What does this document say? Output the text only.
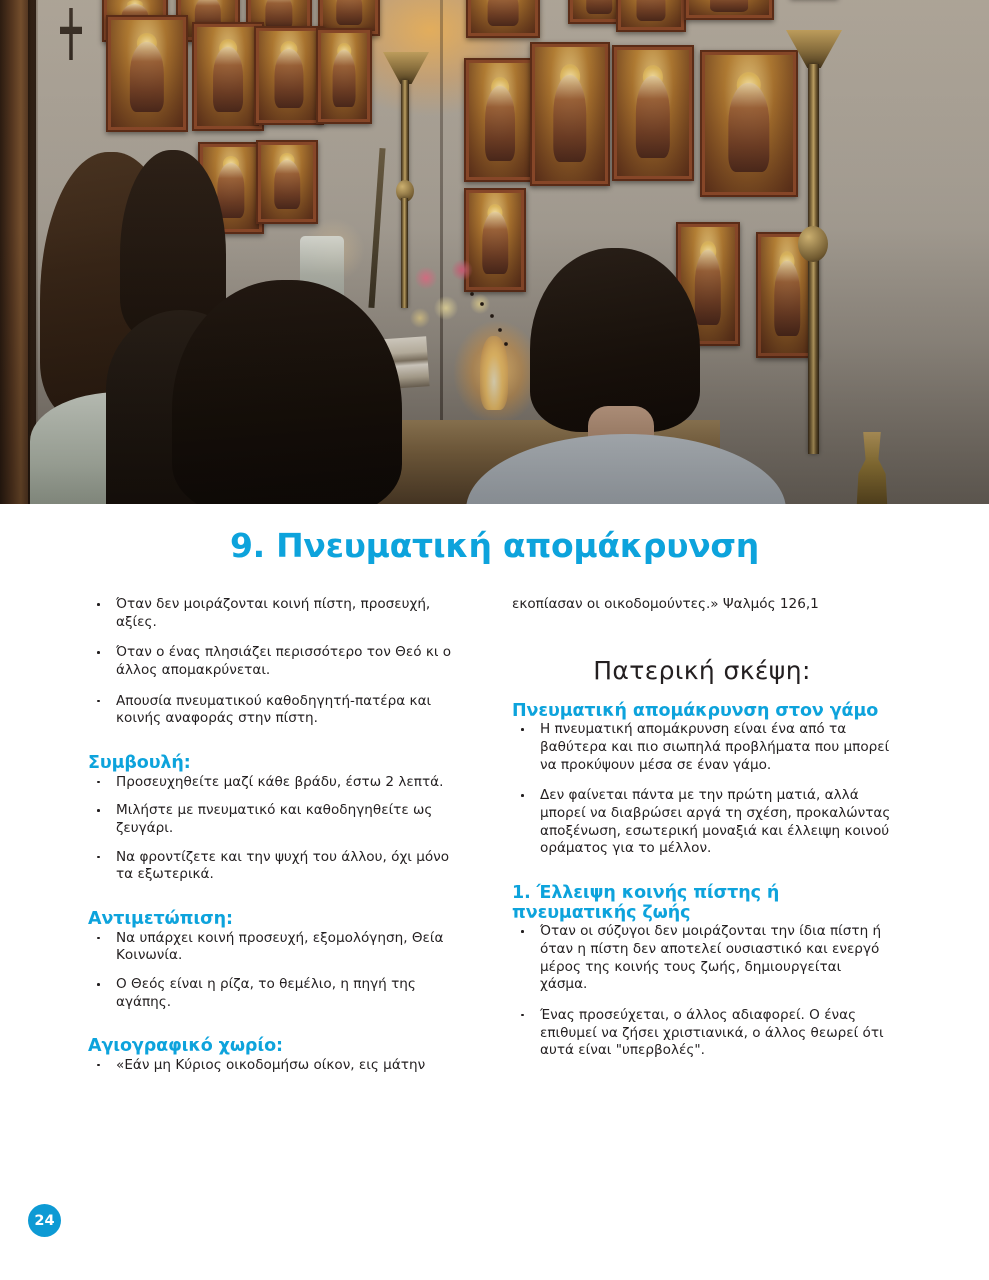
9. Πνευματική απομάκρυνση
Όταν δεν μοιράζονται κοινή πίστη, προσευχή, αξίες.
Όταν ο ένας πλησιάζει περισσότερο τον Θεό κι ο άλλος απομακρύνεται.
Απουσία πνευματικού καθοδηγητή-πατέρα και κοινής αναφοράς στην πίστη.
Συμβουλή:
Προσευχηθείτε μαζί κάθε βράδυ, έστω 2 λεπτά.
Μιλήστε με πνευματικό και καθοδηγηθείτε ως ζευγάρι.
Να φροντίζετε και την ψυχή του άλλου, όχι μόνο τα εξωτερικά.
Αντιμετώπιση:
Να υπάρχει κοινή προσευχή, εξομολόγηση, Θεία Κοινωνία.
Ο Θεός είναι η ρίζα, το θεμέλιο, η πηγή της αγάπης.
Αγιογραφικό χωρίο:
«Εάν μη Κύριος οικοδομήσω οίκον, εις μάτην

εκοπίασαν οι οικοδομούντες.» Ψαλμός 126,1

Πατερική σκέψη:
Πνευματική απομάκρυνση στον γάμο
Η πνευματική απομάκρυνση είναι ένα από τα βαθύτερα και πιο σιωπηλά προβλήματα που μπορεί να προκύψουν μέσα σε έναν γάμο.
Δεν φαίνεται πάντα με την πρώτη ματιά, αλλά μπορεί να διαβρώσει αργά τη σχέση, προκαλώντας αποξένωση, εσωτερική μοναξιά και έλλειψη κοινού οράματος για το μέλλον.
1. Έλλειψη κοινής πίστης ή πνευματικής ζωής
Όταν οι σύζυγοι δεν μοιράζονται την ίδια πίστη ή όταν η πίστη δεν αποτελεί ουσιαστικό και ενεργό μέρος της κοινής τους ζωής, δημιουργείται χάσμα.
Ένας προσεύχεται, ο άλλος αδιαφορεί. Ο ένας επιθυμεί να ζήσει χριστιανικά, ο άλλος θεωρεί ότι αυτά είναι "υπερβολές".
24
